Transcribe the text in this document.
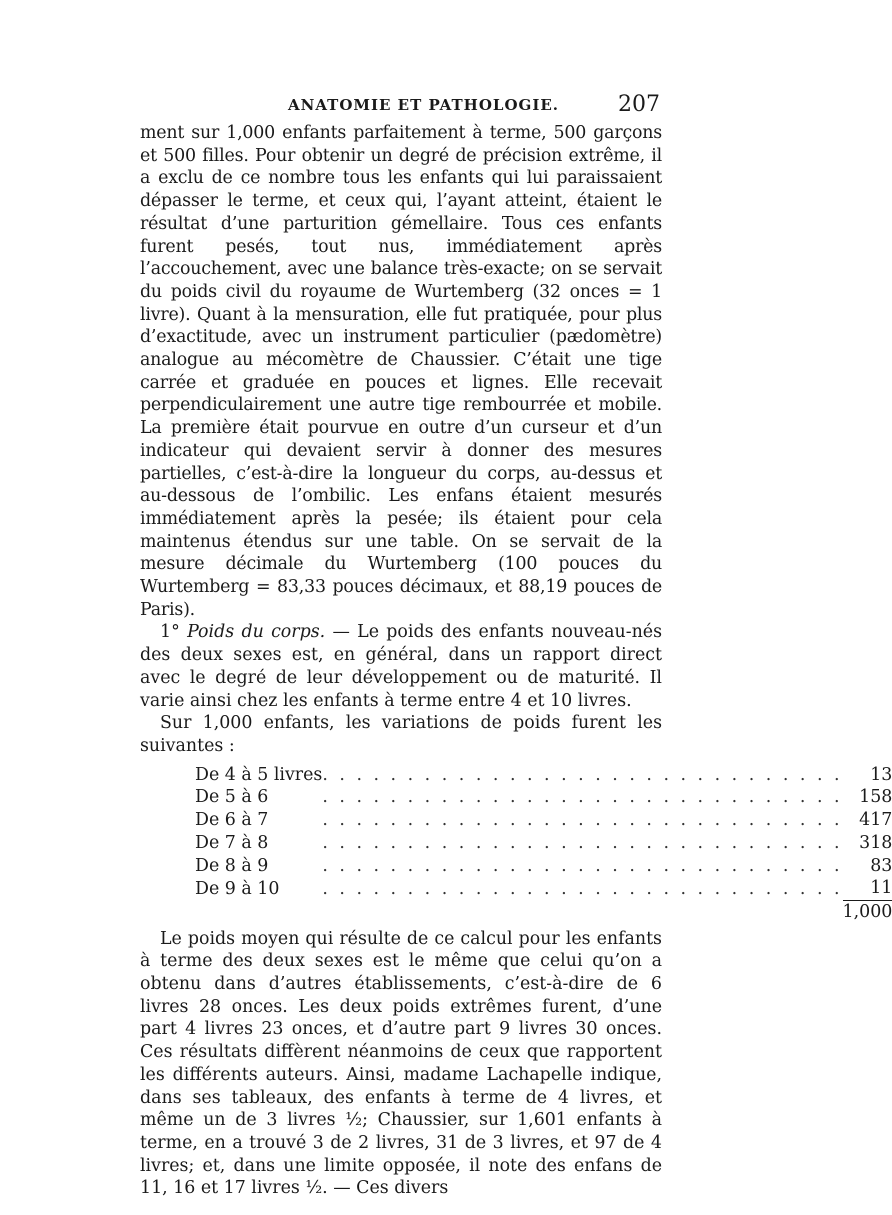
ANATOMIE ET PATHOLOGIE.	207

ment sur 1,000 enfants parfaitement à terme, 500 garçons et 500 filles. Pour obtenir un degré de précision extrême, il a exclu de ce nombre tous les enfants qui lui paraissaient dépasser le terme, et ceux qui, l’ayant atteint, étaient le résultat d’une parturition gémellaire. Tous ces enfants furent pesés, tout nus, immédiatement après l’accouchement, avec une balance très-exacte; on se servait du poids civil du royaume de Wurtemberg (32 onces = 1 livre). Quant à la mensuration, elle fut pratiquée, pour plus d’exactitude, avec un instrument particulier (pædomètre) analogue au mécomètre de Chaussier. C’était une tige carrée et graduée en pouces et lignes. Elle recevait perpendiculairement une autre tige rembourrée et mobile. La première était pourvue en outre d’un curseur et d’un indicateur qui devaient servir à donner des mesures partielles, c’est-à-dire la longueur du corps, au-dessus et au-dessous de l’ombilic. Les enfans étaient mesurés immédiatement après la pesée; ils étaient pour cela maintenus étendus sur une table. On se servait de la mesure décimale du Wurtemberg (100 pouces du Wurtemberg = 83,33 pouces décimaux, et 88,19 pouces de Paris).

1° Poids du corps. — Le poids des enfants nouveau-nés des deux sexes est, en général, dans un rapport direct avec le degré de leur développement ou de maturité. Il varie ainsi chez les enfants à terme entre 4 et 10 livres.

Sur 1,000 enfants, les variations de poids furent les suivantes :

De 4 à 5 livres	. . . . . . . . . . . . . . . . . . . . . . . . . . . . . . .	13
De 5 à 6	. . . . . . . . . . . . . . . . . . . . . . . . . . . . . . .	158
De 6 à 7	. . . . . . . . . . . . . . . . . . . . . . . . . . . . . . .	417
De 7 à 8	. . . . . . . . . . . . . . . . . . . . . . . . . . . . . . .	318
De 8 à 9	. . . . . . . . . . . . . . . . . . . . . . . . . . . . . . .	83
De 9 à 10	. . . . . . . . . . . . . . . . . . . . . . . . . . . . . . .	11
		1,000

Le poids moyen qui résulte de ce calcul pour les enfants à terme des deux sexes est le même que celui qu’on a obtenu dans d’autres établissements, c’est-à-dire de 6 livres 28 onces. Les deux poids extrêmes furent, d’une part 4 livres 23 onces, et d’autre part 9 livres 30 onces. Ces résultats diffèrent néanmoins de ceux que rapportent les différents auteurs. Ainsi, madame Lachapelle indique, dans ses tableaux, des enfants à terme de 4 livres, et même un de 3 livres ½; Chaussier, sur 1,601 enfants à terme, en a trouvé 3 de 2 livres, 31 de 3 livres, et 97 de 4 livres; et, dans une limite opposée, il note des enfans de 11, 16 et 17 livres ½. — Ces divers
